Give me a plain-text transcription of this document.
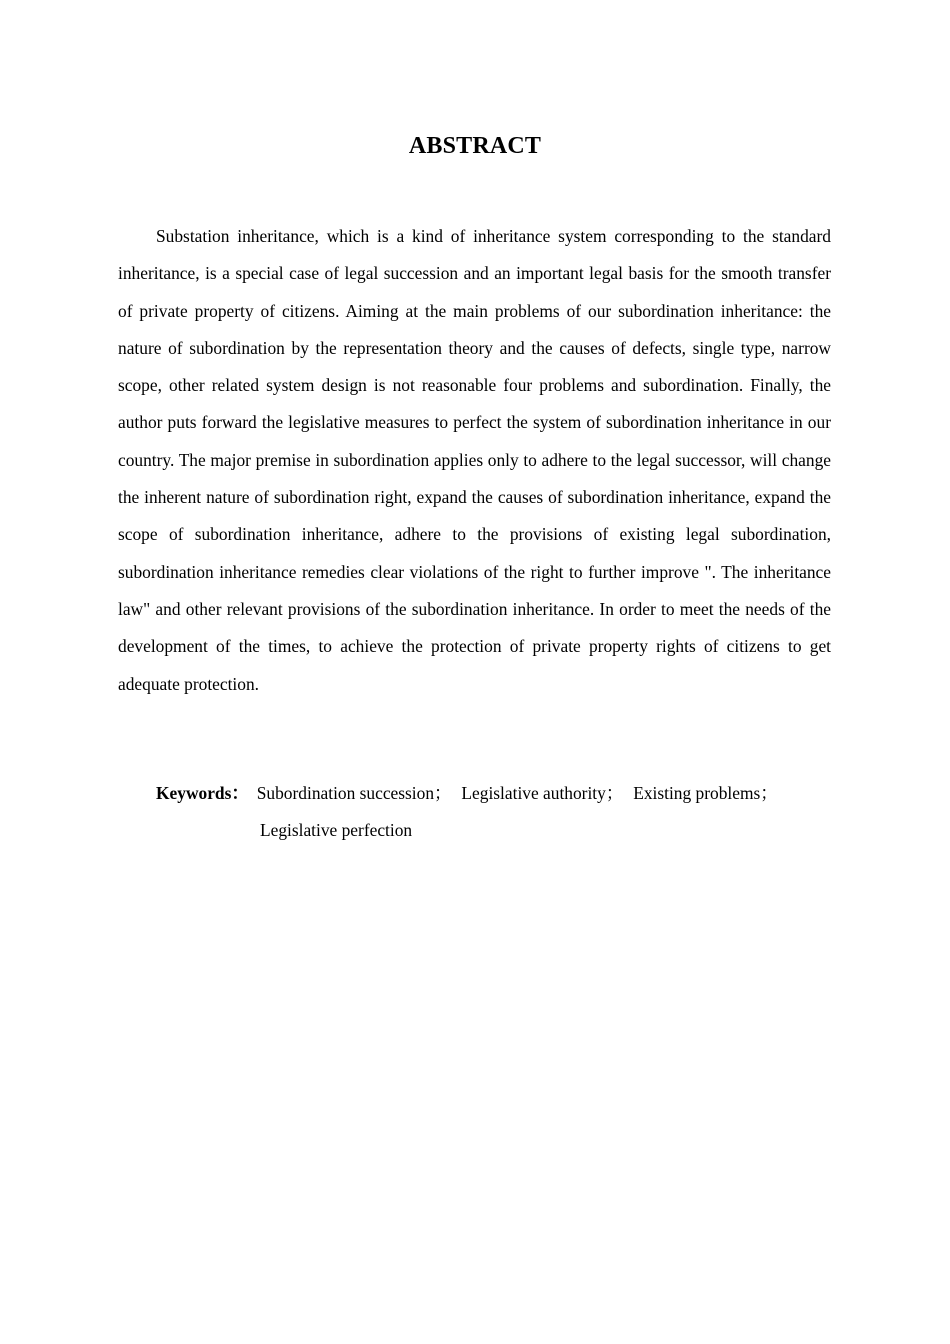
ABSTRACT

Substation inheritance, which is a kind of inheritance system corresponding to the standard inheritance, is a special case of legal succession and an important legal basis for the smooth transfer of private property of citizens. Aiming at the main problems of our subordination inheritance: the nature of subordination by the representation theory and the causes of defects, single type, narrow scope, other related system design is not reasonable four problems and subordination. Finally, the author puts forward the legislative measures to perfect the system of subordination inheritance in our country. The major premise in subordination applies only to adhere to the legal successor, will change the inherent nature of subordination right, expand the causes of subordination inheritance, expand the scope of subordination inheritance, adhere to the provisions of existing legal subordination, subordination inheritance remedies clear violations of the right to further improve ". The inheritance law" and other relevant provisions of the subordination inheritance. In order to meet the needs of the development of the times, to achieve the protection of private property rights of citizens to get adequate protection.

Keywords： Subordination succession； Legislative authority； Existing problems；
Legislative perfection
